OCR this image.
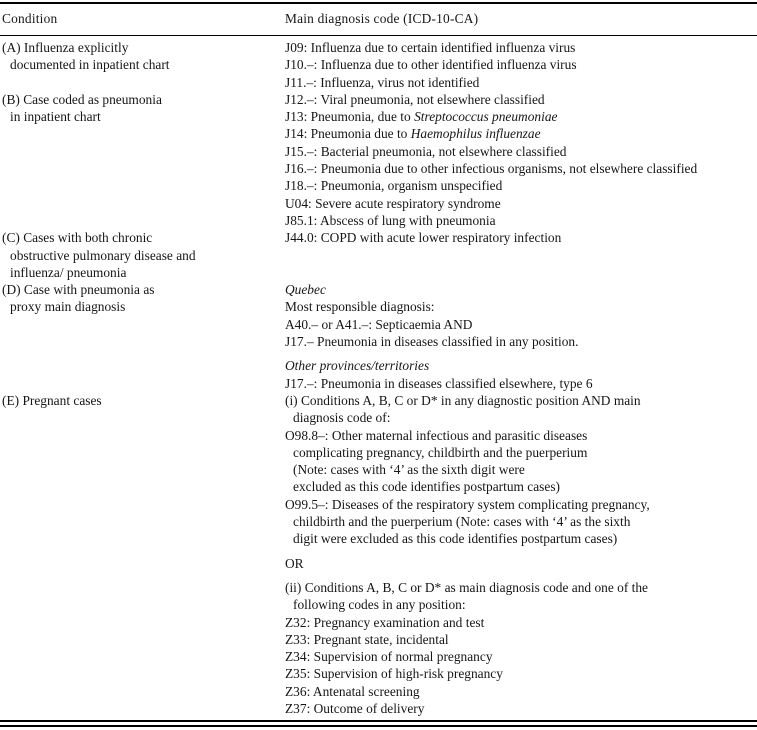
Condition	Main diagnosis code (ICD-10-CA)
(A) Influenza explicitly
documented in inpatient chart
J09: Influenza due to certain identified influenza virus
J10.–: Influenza due to other identified influenza virus
J11.–: Influenza, virus not identified
(B) Case coded as pneumonia
in inpatient chart
J12.–: Viral pneumonia, not elsewhere classified
J13: Pneumonia, due to Streptococcus pneumoniae
J14: Pneumonia due to Haemophilus influenzae
J15.–: Bacterial pneumonia, not elsewhere classified
J16.–: Pneumonia due to other infectious organisms, not elsewhere classified
J18.–: Pneumonia, organism unspecified
U04: Severe acute respiratory syndrome
J85.1: Abscess of lung with pneumonia
(C) Cases with both chronic
obstructive pulmonary disease and
influenza/ pneumonia
J44.0: COPD with acute lower respiratory infection
(D) Case with pneumonia as
proxy main diagnosis
Quebec
Most responsible diagnosis:
A40.– or A41.–: Septicaemia AND
J17.– Pneumonia in diseases classified in any position.
Other provinces/territories
J17.–: Pneumonia in diseases classified elsewhere, type 6
(E) Pregnant cases	(i) Conditions A, B, C or D* in any diagnostic position AND main
diagnosis code of:
O98.8–: Other maternal infectious and parasitic diseases
complicating pregnancy, childbirth and the puerperium
(Note: cases with ‘4’ as the sixth digit were
excluded as this code identifies postpartum cases)
O99.5–: Diseases of the respiratory system complicating pregnancy,
childbirth and the puerperium (Note: cases with ‘4’ as the sixth
digit were excluded as this code identifies postpartum cases)
OR
(ii) Conditions A, B, C or D* as main diagnosis code and one of the
following codes in any position:
Z32: Pregnancy examination and test
Z33: Pregnant state, incidental
Z34: Supervision of normal pregnancy
Z35: Supervision of high-risk pregnancy
Z36: Antenatal screening
Z37: Outcome of delivery
